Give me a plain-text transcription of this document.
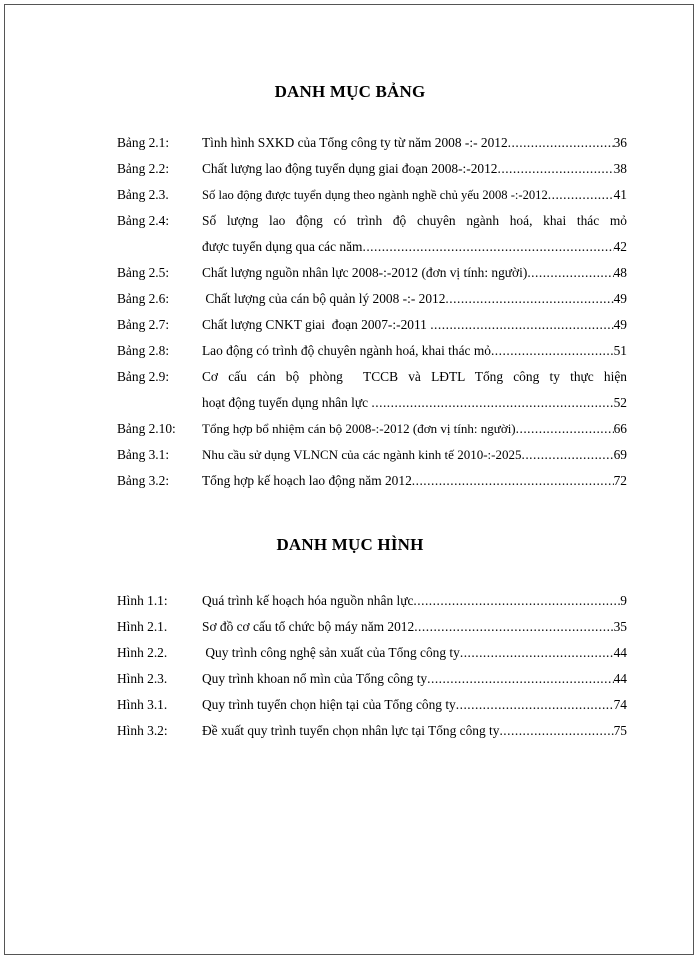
DANH MỤC BẢNG
Bảng 2.1: Tình hình SXKD của Tổng công ty từ năm 2008 -:- 2012 .....	36
Bảng 2.2: Chất lượng lao động tuyển dụng giai đoạn 2008-:-2012 .....	38
Bảng 2.3.	Số lao động được tuyển dụng theo ngành nghề chủ yếu 2008 -:-2012 .....	41
Bảng 2.4: Số lượng lao động có trình độ chuyên ngành hoá, khai thác mỏ
được tuyển dụng qua các năm .....	42
Bảng 2.5: Chất lượng nguồn nhân lực 2008-:-2012 (đơn vị tính: người) .....	48
Bảng 2.6: Chất lượng của cán bộ quản lý 2008 -:- 2012 .....	49
Bảng 2.7: Chất lượng CNKT giai  đoạn 2007-:-2011 .....	49
Bảng 2.8: Lao động có trình độ chuyên ngành hoá, khai thác mỏ .....	51
Bảng 2.9: Cơ cấu cán bộ phòng  TCCB và LĐTL Tổng công ty thực hiện
hoạt động tuyển dụng nhân lực .....	52
Bảng 2.10: Tổng hợp bổ nhiệm cán bộ 2008-:-2012 (đơn vị tính: người) .....	66
Bảng 3.1:	Nhu cầu sử dụng VLNCN của các ngành kinh tế 2010-:-2025 .....	69
Bảng 3.2: Tổng hợp kế hoạch lao động năm 2012 .....	72
DANH MỤC HÌNH
Hình 1.1:	Quá trình kế hoạch hóa nguồn nhân lực .....	9
Hình 2.1.	Sơ đồ cơ cấu tổ chức bộ máy năm 2012 .....	35
Hình 2.2.	Quy trình công nghệ sản xuất của Tổng công ty .....	44
Hình 2.3.	Quy trình khoan nổ mìn của Tổng công ty .....	44
Hình 3.1.	Quy trình tuyển chọn hiện tại của Tổng công ty .....	74
Hình 3.2:	Đề xuất quy trình tuyển chọn nhân lực tại Tổng công ty .....	75
